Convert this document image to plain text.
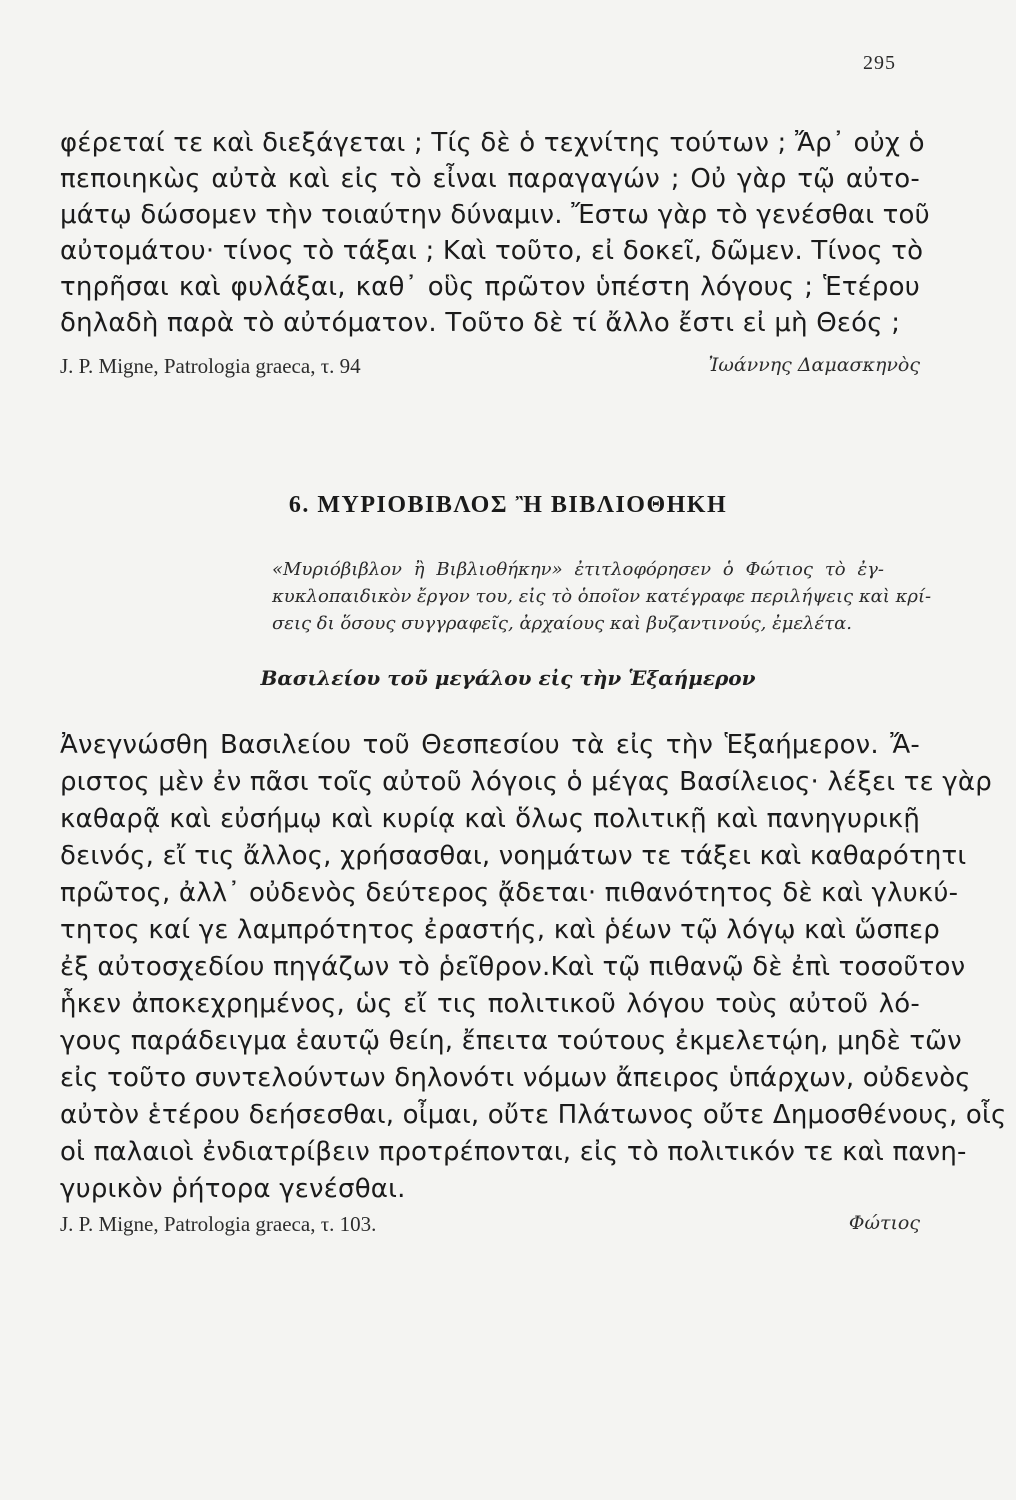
295
φέρεταί τε καὶ διεξάγεται ; Τίς δὲ ὁ τεχνίτης τούτων ; Ἄρ᾽ οὐχ ὁ
πεποιηκὼς αὐτὰ καὶ εἰς τὸ εἶναι παραγαγών ; Οὐ γὰρ τῷ αὐτο-
μάτῳ δώσομεν τὴν τοιαύτην δύναμιν. Ἔστω γὰρ τὸ γενέσθαι τοῦ
αὐτομάτου· τίνος τὸ τάξαι ; Καὶ τοῦτο, εἰ δοκεῖ, δῶμεν. Τίνος τὸ
τηρῆσαι καὶ φυλάξαι, καθ᾽ οὓς πρῶτον ὑπέστη λόγους ; Ἑτέρου
δηλαδὴ παρὰ τὸ αὐτόματον. Τοῦτο δὲ τί ἄλλο ἔστι εἰ μὴ Θεός ;
J. P. Migne, Patrologia graeca, τ. 94	Ἰωάννης Δαμασκηνὸς
6. ΜΥΡΙΟΒΙΒΛΟΣ Ἢ ΒΙΒΛΙΟΘΗΚΗ
«Μυριόβιβλον ἢ Βιβλιοθήκην» ἐτιτλοφόρησεν ὁ Φώτιος τὸ ἐγ-
κυκλοπαιδικὸν ἔργον του, εἰς τὸ ὁποῖον κατέγραφε περιλήψεις καὶ κρί-
σεις δι ὅσους συγγραφεῖς, ἀρχαίους καὶ βυζαντινούς, ἐμελέτα.
Βασιλείου τοῦ μεγάλου εἰς τὴν Ἑξαήμερον
Ἀνεγνώσθη Βασιλείου τοῦ Θεσπεσίου τὰ εἰς τὴν Ἑξαήμερον. Ἄ-
ριστος μὲν ἐν πᾶσι τοῖς αὐτοῦ λόγοις ὁ μέγας Βασίλειος· λέξει τε γὰρ
καθαρᾷ καὶ εὐσήμῳ καὶ κυρίᾳ καὶ ὅλως πολιτικῇ καὶ πανηγυρικῇ
δεινός, εἴ τις ἄλλος, χρήσασθαι, νοημάτων τε τάξει καὶ καθαρότητι
πρῶτος, ἀλλ᾽ οὐδενὸς δεύτερος ᾄδεται· πιθανότητος δὲ καὶ γλυκύ-
τητος καί γε λαμπρότητος ἐραστής, καὶ ῥέων τῷ λόγῳ καὶ ὥσπερ
ἐξ αὐτοσχεδίου πηγάζων τὸ ῥεῖθρον.Καὶ τῷ πιθανῷ δὲ ἐπὶ τοσοῦτον
ἧκεν ἀποκεχρημένος, ὡς εἴ τις πολιτικοῦ λόγου τοὺς αὐτοῦ λό-
γους παράδειγμα ἑαυτῷ θείη, ἔπειτα τούτους ἐκμελετῴη, μηδὲ τῶν
εἰς τοῦτο συντελούντων δηλονότι νόμων ἄπειρος ὑπάρχων, οὐδενὸς
αὐτὸν ἑτέρου δεήσεσθαι, οἶμαι, οὔτε Πλάτωνος οὔτε Δημοσθένους, οἷς
οἱ παλαιοὶ ἐνδιατρίβειν προτρέπονται, εἰς τὸ πολιτικόν τε καὶ πανη-
γυρικὸν ῥήτορα γενέσθαι.
J. P. Migne, Patrologia graeca, τ. 103.	Φώτιος
